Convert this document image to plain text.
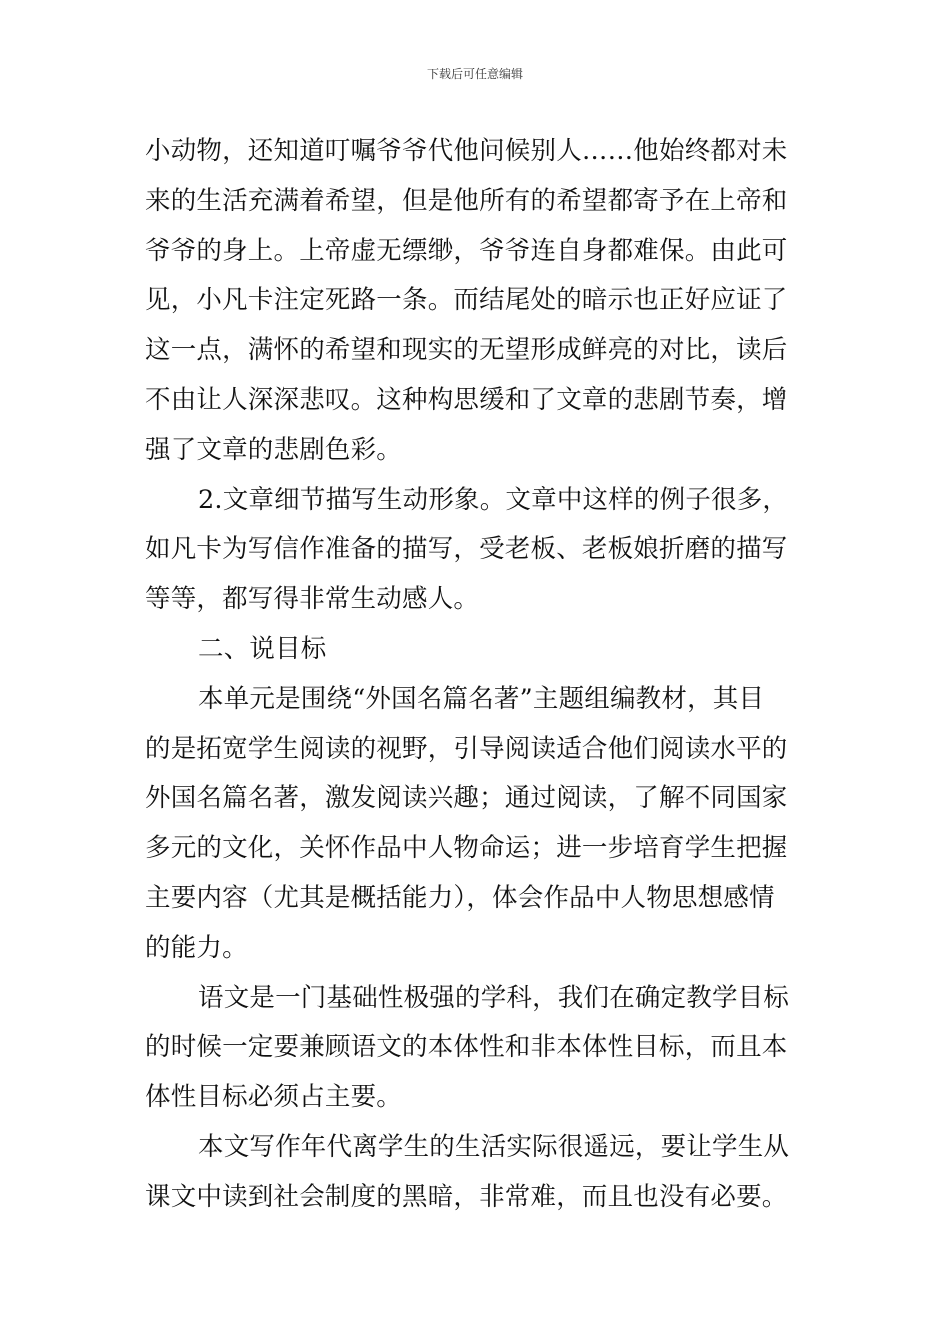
下载后可任意编辑
小动物，还知道叮嘱爷爷代他问候别人……他始终都对未
来的生活充满着希望，但是他所有的希望都寄予在上帝和
爷爷的身上。上帝虚无缥缈，爷爷连自身都难保。由此可
见，小凡卡注定死路一条。而结尾处的暗示也正好应证了
这一点，满怀的希望和现实的无望形成鲜亮的对比，读后
不由让人深深悲叹。这种构思缓和了文章的悲剧节奏，增
强了文章的悲剧色彩。
2.文章细节描写生动形象。文章中这样的例子很多，
如凡卡为写信作准备的描写，受老板、老板娘折磨的描写
等等，都写得非常生动感人。
二、说目标
本单元是围绕“外国名篇名著”主题组编教材，其目
的是拓宽学生阅读的视野，引导阅读适合他们阅读水平的
外国名篇名著，激发阅读兴趣；通过阅读，了解不同国家
多元的文化，关怀作品中人物命运；进一步培育学生把握
主要内容（尤其是概括能力），体会作品中人物思想感情
的能力。
语文是一门基础性极强的学科，我们在确定教学目标
的时候一定要兼顾语文的本体性和非本体性目标，而且本
体性目标必须占主要。
本文写作年代离学生的生活实际很遥远，要让学生从
课文中读到社会制度的黑暗，非常难，而且也没有必要。
